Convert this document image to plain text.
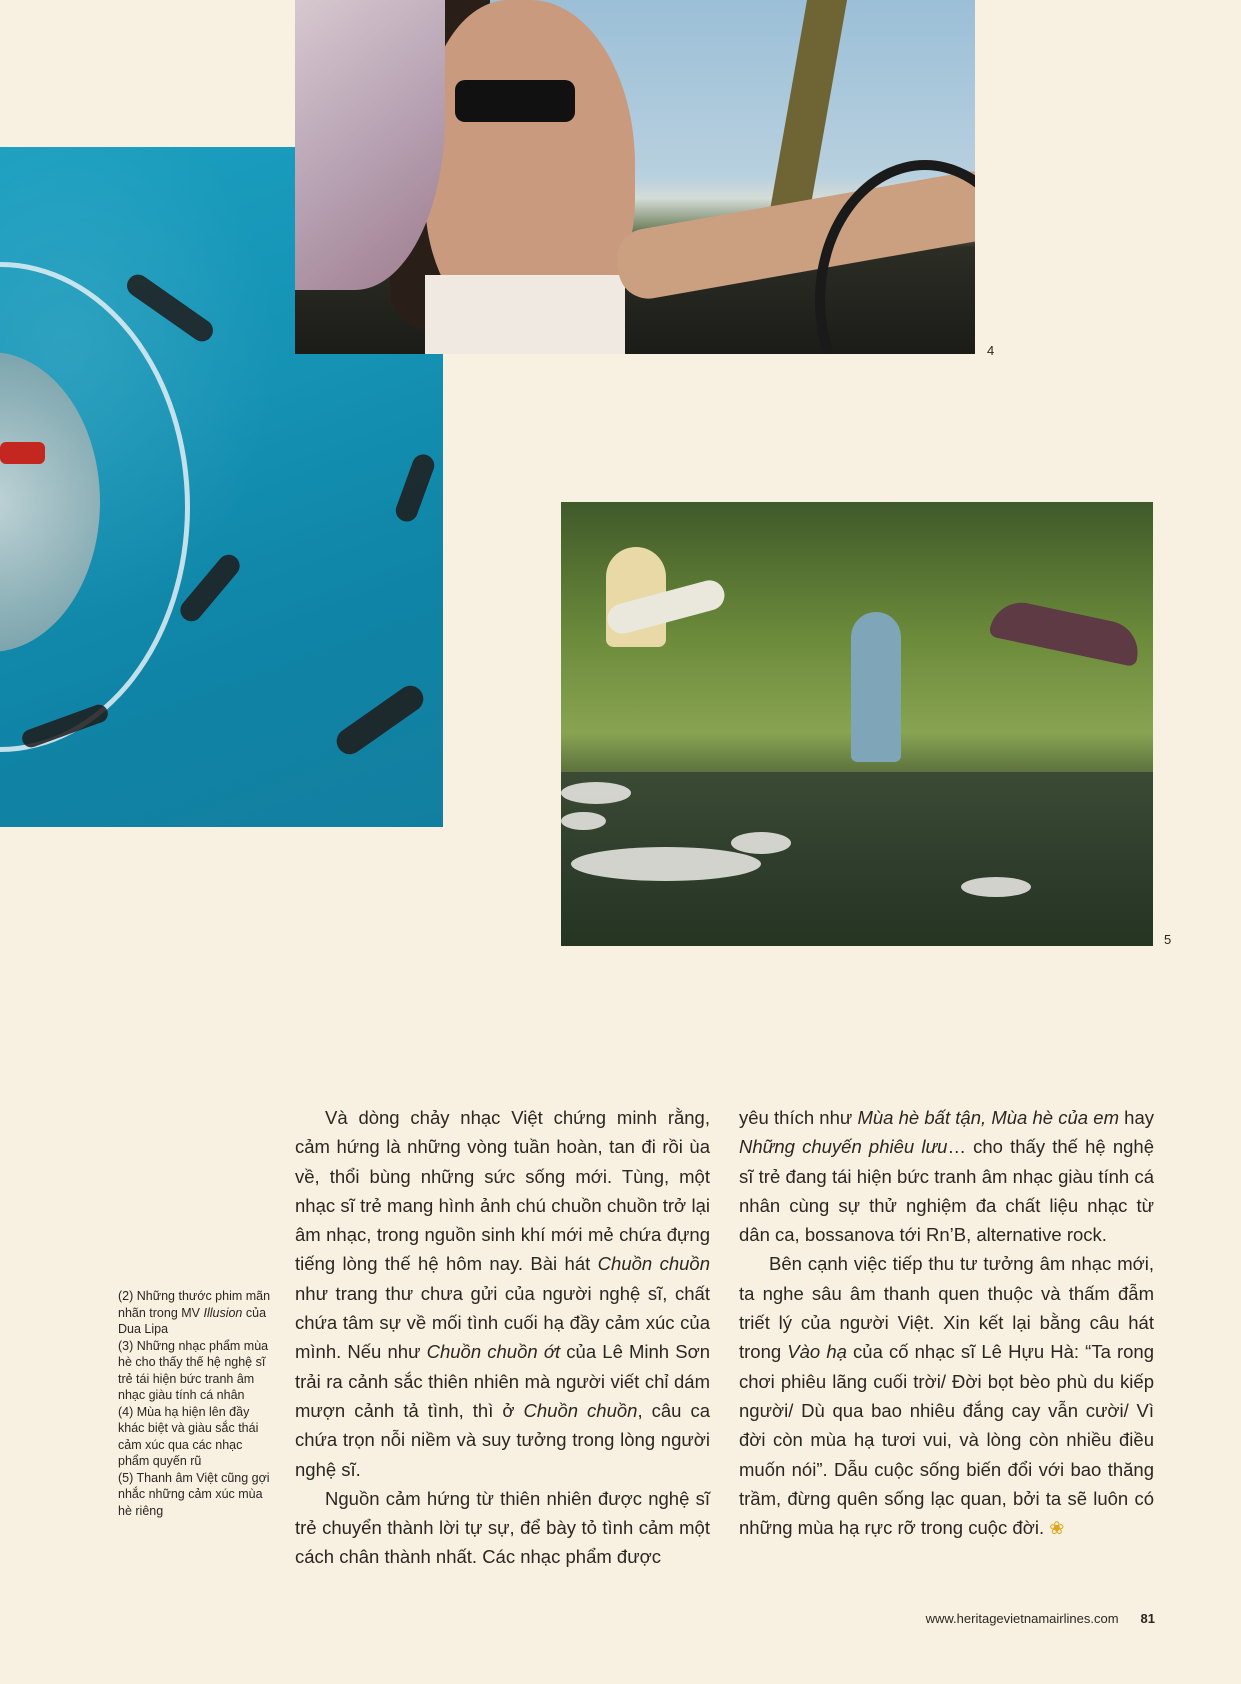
4
5

(2) Những thước phim mãn nhãn trong MV Illusion của Dua Lipa

(3) Những nhạc phẩm mùa hè cho thấy thế hệ nghệ sĩ trẻ tái hiện bức tranh âm nhạc giàu tính cá nhân

(4) Mùa hạ hiện lên đầy khác biệt và giàu sắc thái cảm xúc qua các nhạc phẩm quyến rũ

(5) Thanh âm Việt cũng gợi nhắc những cảm xúc mùa hè riêng

Và dòng chảy nhạc Việt chứng minh rằng, cảm hứng là những vòng tuần hoàn, tan đi rồi ùa về, thổi bùng những sức sống mới. Tùng, một nhạc sĩ trẻ mang hình ảnh chú chuồn chuồn trở lại âm nhạc, trong nguồn sinh khí mới mẻ chứa đựng tiếng lòng thế hệ hôm nay. Bài hát Chuồn chuồn như trang thư chưa gửi của người nghệ sĩ, chất chứa tâm sự về mối tình cuối hạ đầy cảm xúc của mình. Nếu như Chuồn chuồn ớt của Lê Minh Sơn trải ra cảnh sắc thiên nhiên mà người viết chỉ dám mượn cảnh tả tình, thì ở Chuồn chuồn, câu ca chứa trọn nỗi niềm và suy tưởng trong lòng người nghệ sĩ.

Nguồn cảm hứng từ thiên nhiên được nghệ sĩ trẻ chuyển thành lời tự sự, để bày tỏ tình cảm một cách chân thành nhất. Các nhạc phẩm được

yêu thích như Mùa hè bất tận, Mùa hè của em hay Những chuyến phiêu lưu… cho thấy thế hệ nghệ sĩ trẻ đang tái hiện bức tranh âm nhạc giàu tính cá nhân cùng sự thử nghiệm đa chất liệu nhạc từ dân ca, bossanova tới Rn’B, alternative rock.

Bên cạnh việc tiếp thu tư tưởng âm nhạc mới, ta nghe sâu âm thanh quen thuộc và thấm đẫm triết lý của người Việt. Xin kết lại bằng câu hát trong Vào hạ của cố nhạc sĩ Lê Hựu Hà: “Ta rong chơi phiêu lãng cuối trời/ Đời bọt bèo phù du kiếp người/ Dù qua bao nhiêu đắng cay vẫn cười/ Vì đời còn mùa hạ tươi vui, và lòng còn nhiều điều muốn nói”. Dẫu cuộc sống biến đổi với bao thăng trầm, đừng quên sống lạc quan, bởi ta sẽ luôn có những mùa hạ rực rỡ trong cuộc đời. ❀

www.heritagevietnamairlines.com 81
